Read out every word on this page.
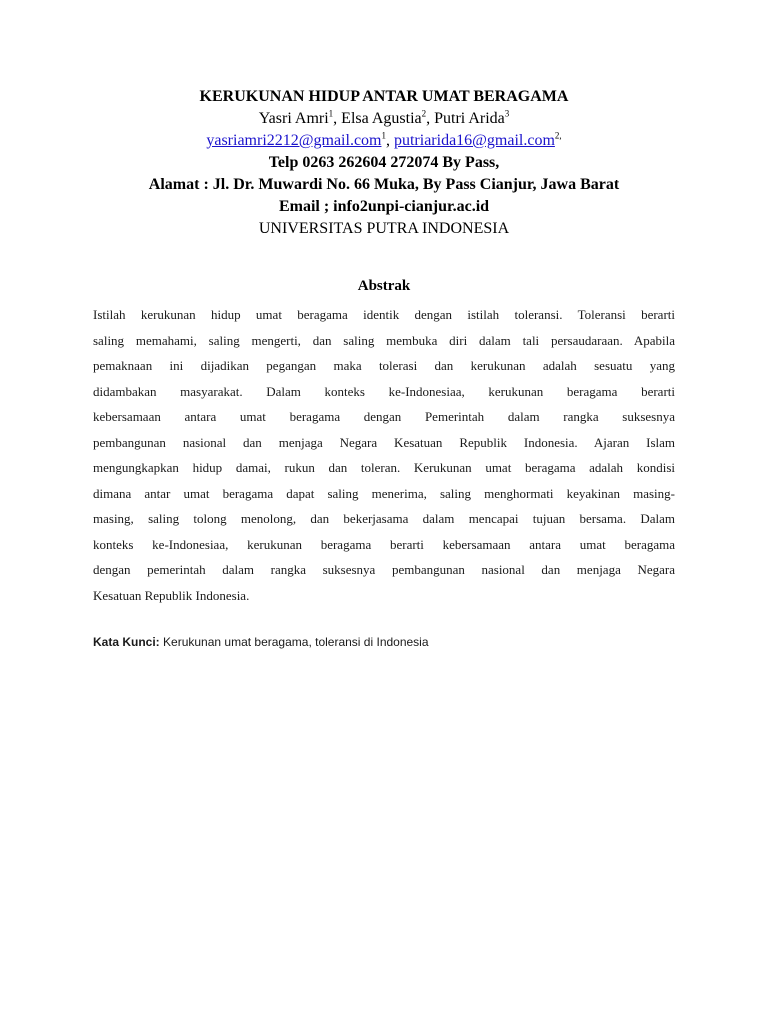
KERUKUNAN HIDUP ANTAR UMAT BERAGAMA
Yasri Amri$^1$, Elsa Agustia$^2$, Putri Arida$^3$
yasriamri2212@gmail.com$^1$, putriarida16@gmail.com$^{2,}$
Telp 0263 262604 272074 By Pass,
Alamat : Jl. Dr. Muwardi No. 66 Muka, By Pass Cianjur, Jawa Barat
Email ; info2unpi-cianjur.ac.id
UNIVERSITAS PUTRA INDONESIA
Abstrak
Istilah kerukunan hidup umat beragama identik dengan istilah toleransi. Toleransi berarti
saling memahami, saling mengerti, dan saling membuka diri dalam tali persaudaraan. Apabila
pemaknaan ini dijadikan pegangan maka tolerasi dan kerukunan adalah sesuatu yang
didambakan masyarakat. Dalam konteks ke-Indonesiaa, kerukunan beragama berarti
kebersamaan antara umat beragama dengan Pemerintah dalam rangka suksesnya
pembangunan nasional dan menjaga Negara Kesatuan Republik Indonesia. Ajaran Islam
mengungkapkan hidup damai, rukun dan toleran. Kerukunan umat beragama adalah kondisi
dimana antar umat beragama dapat saling menerima, saling menghormati keyakinan masing-
masing, saling tolong menolong, dan bekerjasama dalam mencapai tujuan bersama. Dalam
konteks ke-Indonesiaa, kerukunan beragama berarti kebersamaan antara umat beragama
dengan pemerintah dalam rangka suksesnya pembangunan nasional dan menjaga Negara
Kesatuan Republik Indonesia.
Kata Kunci: Kerukunan umat beragama, toleransi di Indonesia
